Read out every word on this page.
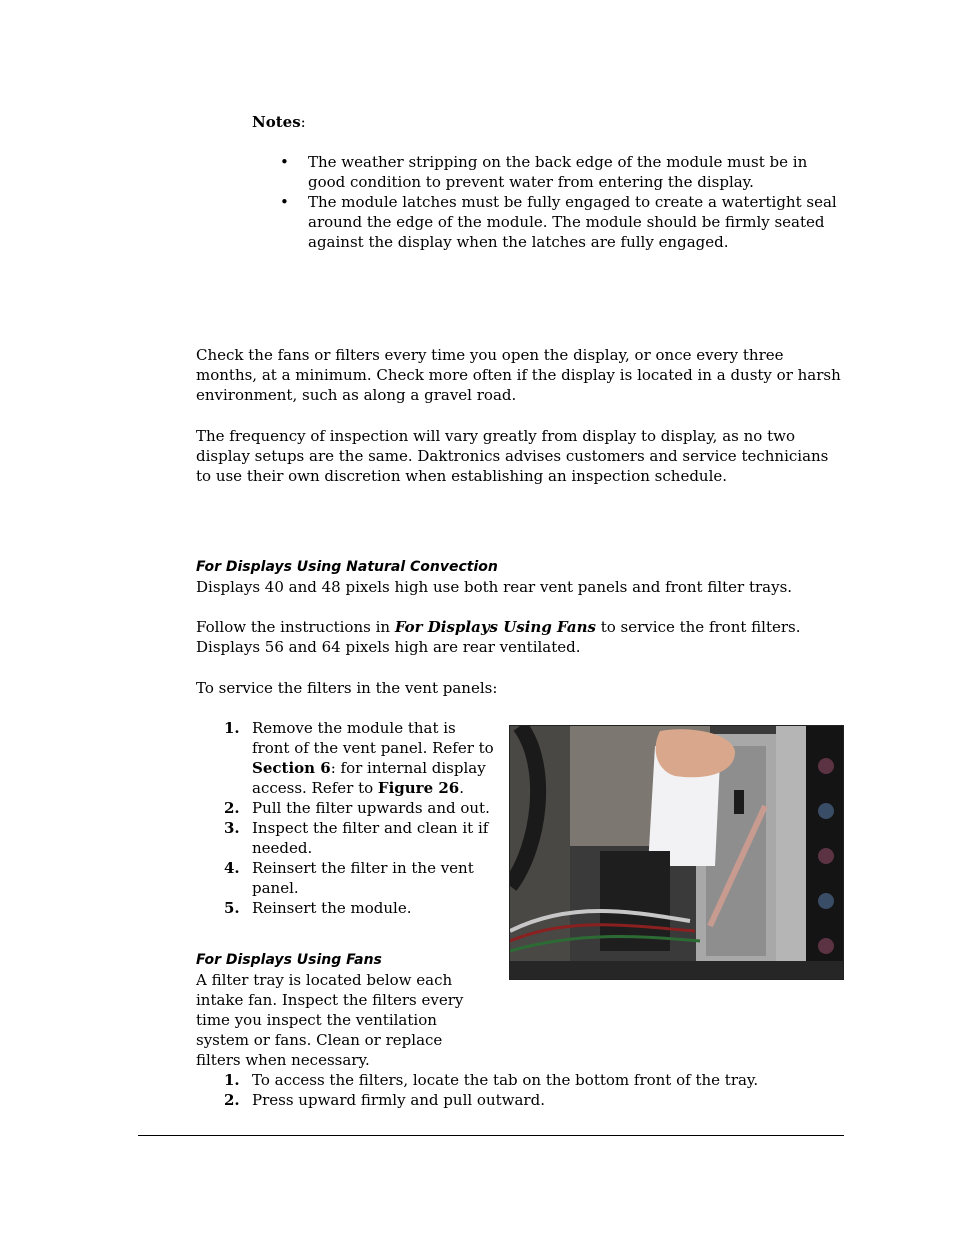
Notes:
• The weather stripping on the back edge of the module must be in good condition to prevent water from entering the display.
• The module latches must be fully engaged to create a watertight seal around the edge of the module. The module should be firmly seated against the display when the latches are fully engaged.

Check the fans or filters every time you open the display, or once every three months, at a minimum. Check more often if the display is located in a dusty or harsh environment, such as along a gravel road.

The frequency of inspection will vary greatly from display to display, as no two display setups are the same. Daktronics advises customers and service technicians to use their own discretion when establishing an inspection schedule.

For Displays Using Natural Convection

Displays 40 and 48 pixels high use both rear vent panels and front filter trays.

Follow the instructions in For Displays Using Fans to service the front filters. Displays 56 and 64 pixels high are rear ventilated.

To service the filters in the vent panels:

1. Remove the module that is front of the vent panel. Refer to Section 6: for internal display access. Refer to Figure 26.
2. Pull the filter upwards and out.
3. Inspect the filter and clean it if needed.
4. Reinsert the filter in the vent panel.
5. Reinsert the module.
For Displays Using Fans

A filter tray is located below each intake fan. Inspect the filters every time you inspect the ventilation system or fans. Clean or replace filters when necessary.

1. To access the filters, locate the tab on the bottom front of the tray.
2. Press upward firmly and pull outward.
